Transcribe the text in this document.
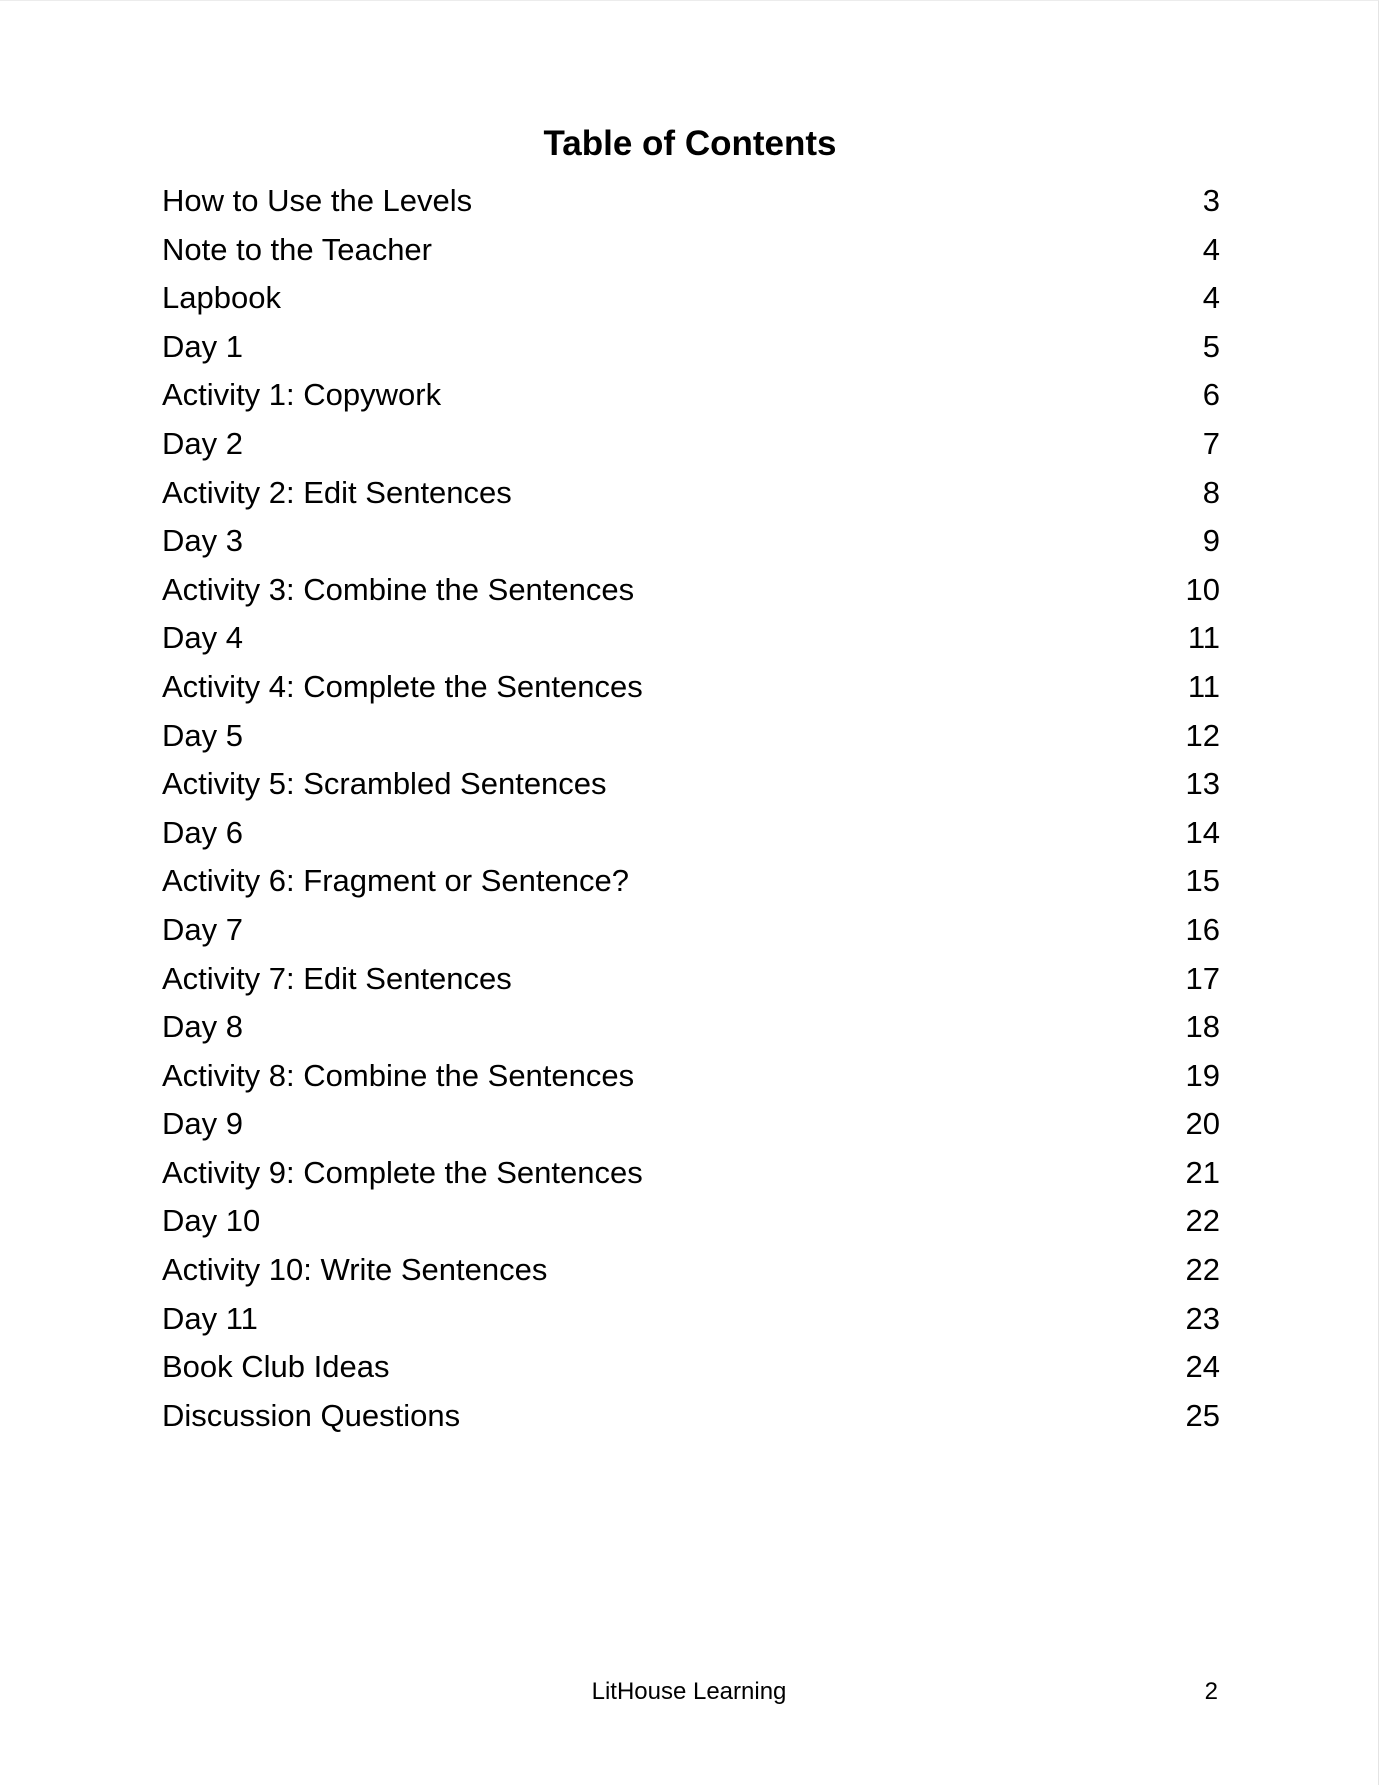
Table of Contents
How to Use the Levels	3
Note to the Teacher	4
Lapbook	4
Day 1	5
Activity 1: Copywork	6
Day 2	7
Activity 2: Edit Sentences	8
Day 3	9
Activity 3: Combine the Sentences	10
Day 4	11
Activity 4: Complete the Sentences	11
Day 5	12
Activity 5: Scrambled Sentences	13
Day 6	14
Activity 6: Fragment or Sentence?	15
Day 7	16
Activity 7: Edit Sentences	17
Day 8	18
Activity 8: Combine the Sentences	19
Day 9	20
Activity 9: Complete the Sentences	21
Day 10	22
Activity 10: Write Sentences	22
Day 11	23
Book Club Ideas	24
Discussion Questions	25
LitHouse Learning	2
